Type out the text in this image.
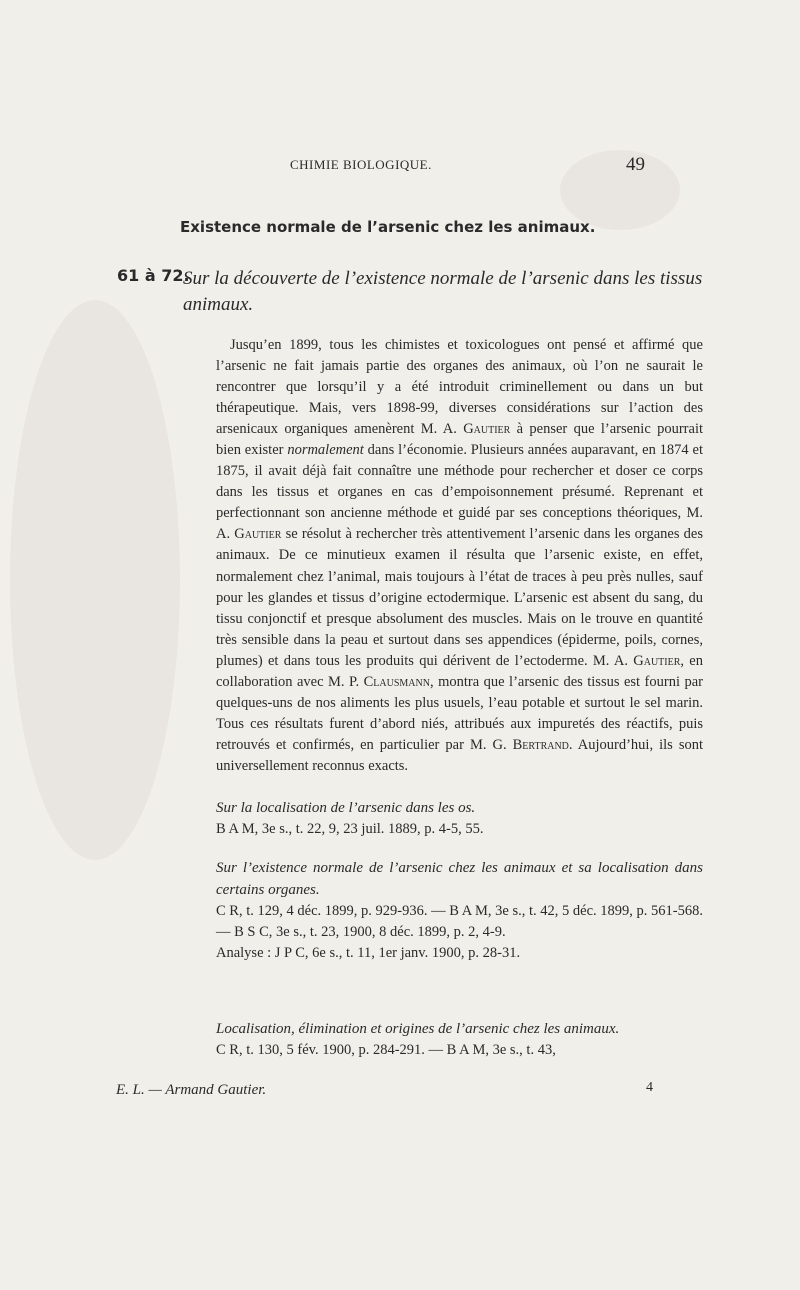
CHIMIE BIOLOGIQUE.	49
Existence normale de l’arsenic chez les animaux.
61 à 72.
Sur la découverte de l’existence normale de l’arsenic dans les tissus animaux.

Jusqu’en 1899, tous les chimistes et toxicologues ont pensé et affirmé que l’arsenic ne fait jamais partie des organes des animaux, où l’on ne saurait le rencontrer que lorsqu’il y a été introduit criminellement ou dans un but thérapeutique. Mais, vers 1898-99, diverses considérations sur l’action des arsenicaux organiques amenèrent M. A. Gautier à penser que l’arsenic pourrait bien exister normalement dans l’économie. Plusieurs années auparavant, en 1874 et 1875, il avait déjà fait connaître une méthode pour rechercher et doser ce corps dans les tissus et organes en cas d’empoisonnement présumé. Reprenant et perfectionnant son ancienne méthode et guidé par ses conceptions théoriques, M. A. Gautier se résolut à rechercher très attentivement l’arsenic dans les organes des animaux. De ce minutieux examen il résulta que l’arsenic existe, en effet, normalement chez l’animal, mais toujours à l’état de traces à peu près nulles, sauf pour les glandes et tissus d’origine ectodermique. L’arsenic est absent du sang, du tissu conjonctif et presque absolument des muscles. Mais on le trouve en quantité très sensible dans la peau et surtout dans ses appendices (épiderme, poils, cornes, plumes) et dans tous les produits qui dérivent de l’ectoderme. M. A. Gautier, en collaboration avec M. P. Clausmann, montra que l’arsenic des tissus est fourni par quelques-uns de nos aliments les plus usuels, l’eau potable et surtout le sel marin. Tous ces résultats furent d’abord niés, attribués aux impuretés des réactifs, puis retrouvés et confirmés, en particulier par M. G. Bertrand. Aujourd’hui, ils sont universellement reconnus exacts.

Sur la localisation de l’arsenic dans les os.

B A M, 3e s., t. 22, 9, 23 juil. 1889, p. 4-5, 55.

Sur l’existence normale de l’arsenic chez les animaux et sa localisation dans certains organes.

C R, t. 129, 4 déc. 1899, p. 929-936. — B A M, 3e s., t. 42, 5 déc. 1899, p. 561-568. — B S C, 3e s., t. 23, 1900, 8 déc. 1899, p. 2, 4-9.

Analyse : J P C, 6e s., t. 11, 1er janv. 1900, p. 28-31.

Localisation, élimination et origines de l’arsenic chez les animaux.

C R, t. 130, 5 fév. 1900, p. 284-291. — B A M, 3e s., t. 43,

E. L. — Armand Gautier.	4
